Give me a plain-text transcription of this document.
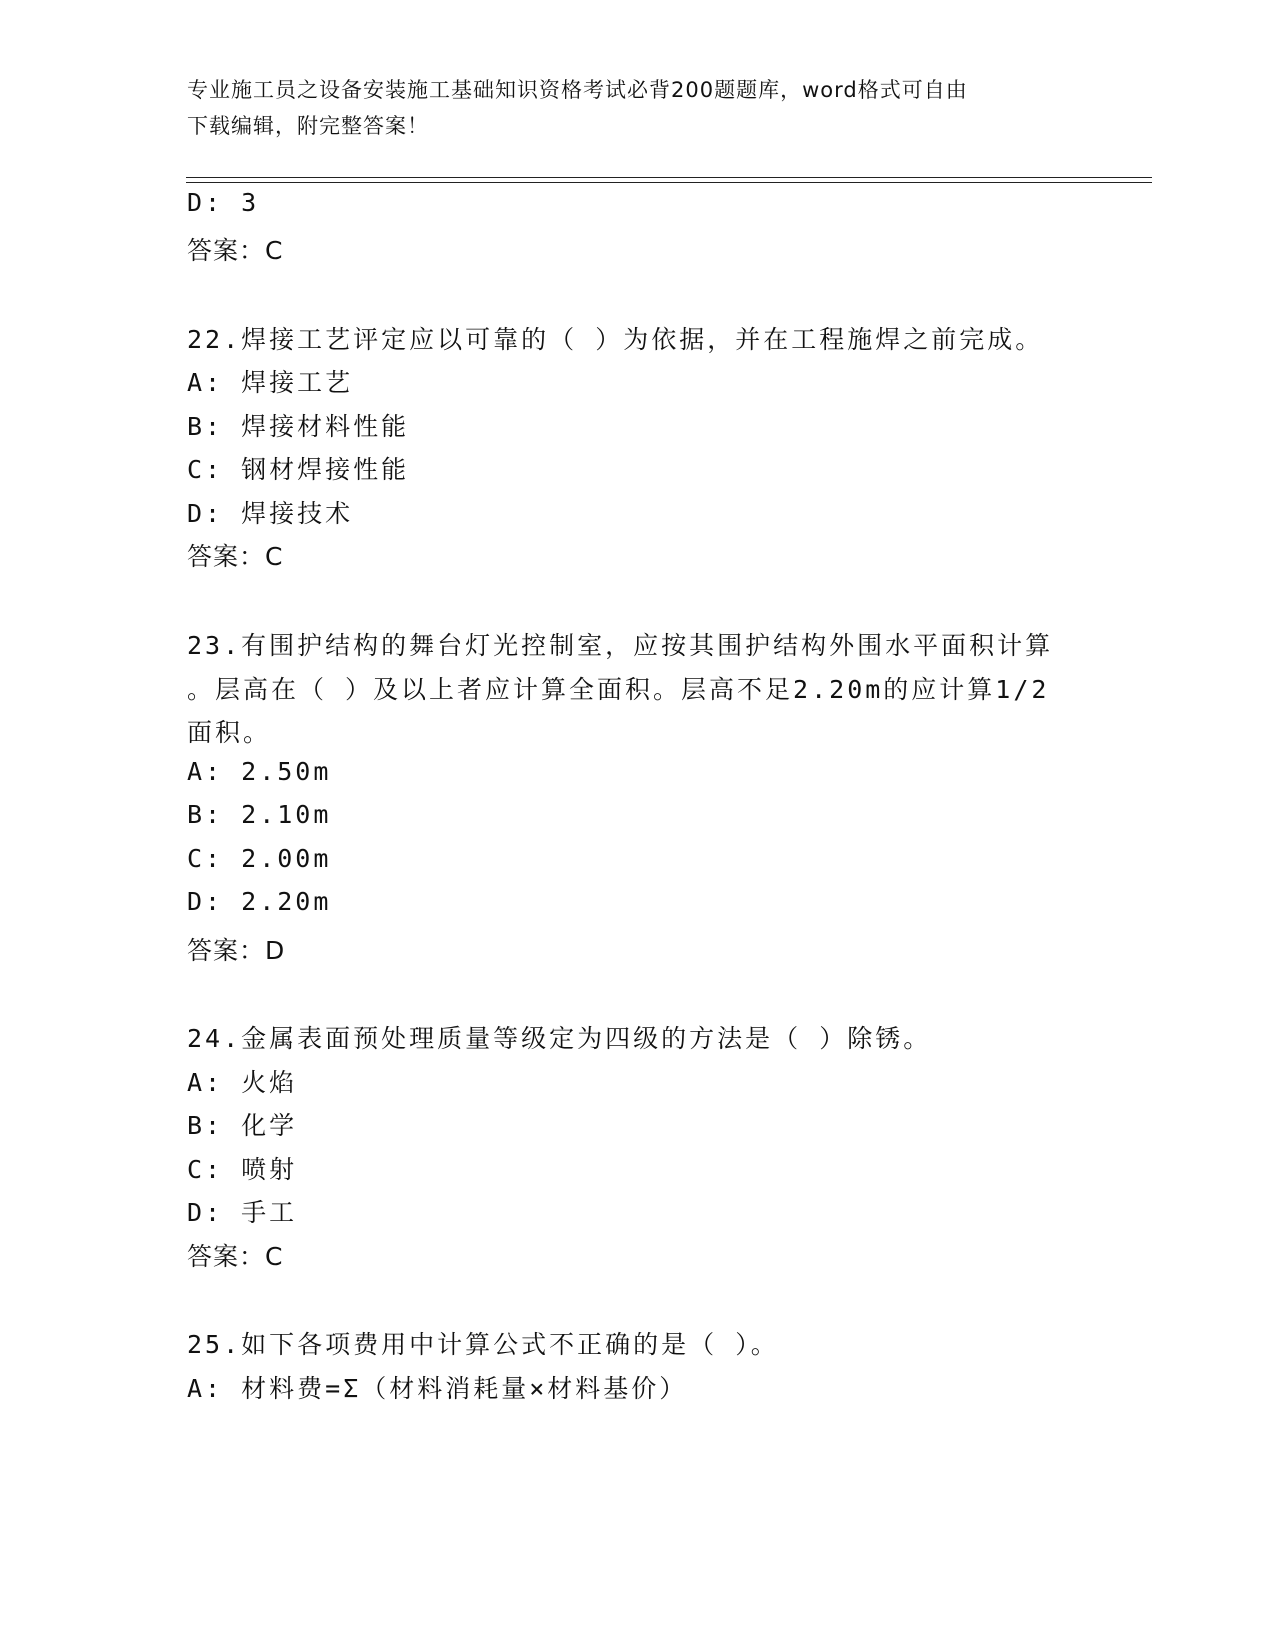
专业施工员之设备安装施工基础知识资格考试必背200题题库，word格式可自由
下载编辑，附完整答案！
D: 3
答案：C
22.焊接工艺评定应以可靠的（ ）为依据，并在工程施焊之前完成。
A: 焊接工艺
B: 焊接材料性能
C: 钢材焊接性能
D: 焊接技术
答案：C
23.有围护结构的舞台灯光控制室，应按其围护结构外围水平面积计算
。层高在（ ）及以上者应计算全面积。层高不足2.20m的应计算1/2
面积。
A: 2.50m
B: 2.10m
C: 2.00m
D: 2.20m
答案：D
24.金属表面预处理质量等级定为四级的方法是（ ）除锈。
A: 火焰
B: 化学
C: 喷射
D: 手工
答案：C
25.如下各项费用中计算公式不正确的是（ ）。
A: 材料费=Σ（材料消耗量×材料基价）
